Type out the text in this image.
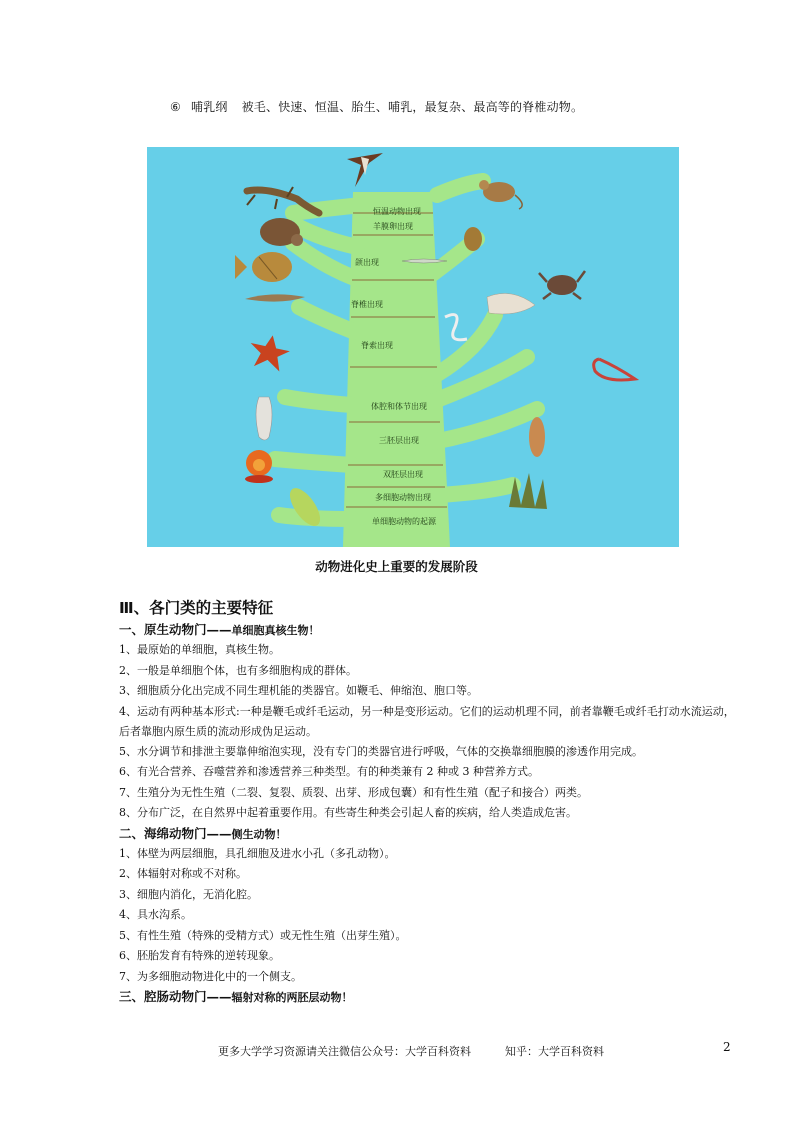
⑥ 哺乳纲 被毛、快速、恒温、胎生、哺乳，最复杂、最高等的脊椎动物。
恒温动物出现
羊膜卵出现
颌出现
脊椎出现
脊索出现
体腔和体节出现
三胚层出现
双胚层出现
多细胞动物出现
单细胞动物的起源
动物进化史上重要的发展阶段
Ⅲ、各门类的主要特征
一、原生动物门——单细胞真核生物！
1、最原始的单细胞，真核生物。
2、一般是单细胞个体，也有多细胞构成的群体。
3、细胞质分化出完成不同生理机能的类器官。如鞭毛、伸缩泡、胞口等。
4、运动有两种基本形式:一种是鞭毛或纤毛运动，另一种是变形运动。它们的运动机理不同，前者靠鞭毛或纤毛打动水流运动，后者靠胞内原生质的流动形成伪足运动。
5、水分调节和排泄主要靠伸缩泡实现，没有专门的类器官进行呼吸，气体的交换靠细胞膜的渗透作用完成。
6、有光合营养、吞噬营养和渗透营养三种类型。有的种类兼有 2 种或 3 种营养方式。
7、生殖分为无性生殖（二裂、复裂、质裂、出芽、形成包囊）和有性生殖（配子和接合）两类。
8、分布广泛，在自然界中起着重要作用。有些寄生种类会引起人畜的疾病，给人类造成危害。
二、海绵动物门——侧生动物！
1、体壁为两层细胞，具孔细胞及进水小孔（多孔动物）。
2、体辐射对称或不对称。
3、细胞内消化，无消化腔。
4、具水沟系。
5、有性生殖（特殊的受精方式）或无性生殖（出芽生殖）。
6、胚胎发育有特殊的逆转现象。
7、为多细胞动物进化中的一个侧支。
三、腔肠动物门——辐射对称的两胚层动物！
更多大学学习资源请关注微信公众号：大学百科资料	知乎：大学百科资料	2
